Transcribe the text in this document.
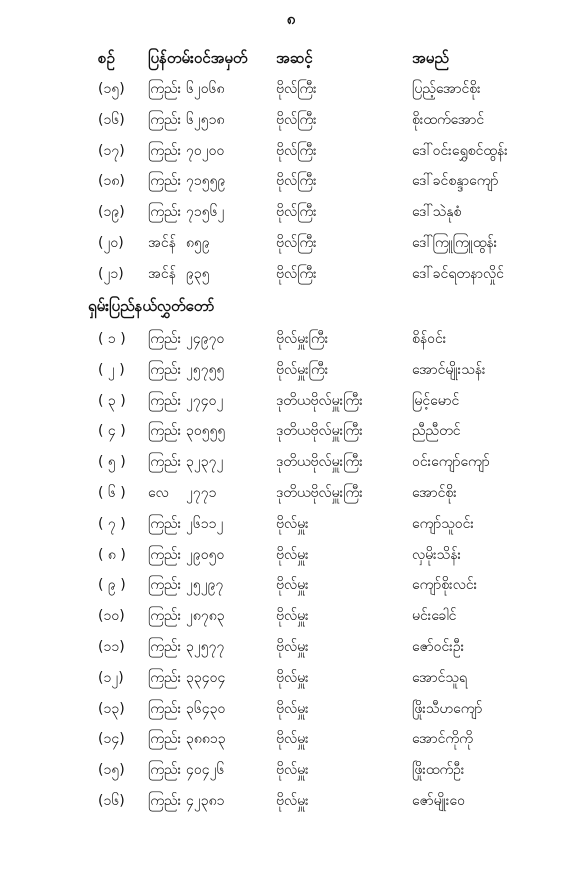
၈
စဉ် ပြန်တမ်းဝင်အမှတ် အဆင့်	အမည်
(၁၅) ကြည်း ၆၂၀၆၈	ဗိုလ်ကြီး	ပြည့်အောင်စိုး
(၁၆) ကြည်း ၆၂၅၁၈	ဗိုလ်ကြီး	စိုးထက်အောင်
(၁၇) ကြည်း ၇၀၂၀၀	ဗိုလ်ကြီး	ဒေါ်ဝင်းရွှေစင်ထွန်း
(၁၈) ကြည်း ၇၁၅၅၉	ဗိုလ်ကြီး	ဒေါ်ခင်စန္ဒာကျော်
(၁၉) ကြည်း ၇၁၅၆၂	ဗိုလ်ကြီး	ဒေါ်သဲနုစံ
(၂၀) အင်န် ၈၅၉	ဗိုလ်ကြီး	ဒေါ်ကြူကြူထွန်း
(၂၁) အင်န် ၉၃၅	ဗိုလ်ကြီး	ဒေါ်ခင်ရတနာလှိုင်
ရှမ်းပြည်နယ်လွှတ်တော်
( ၁ ) ကြည်း ၂၄၉၇၀	ဗိုလ်မှူးကြီး	စိန်ဝင်း
( ၂ ) ကြည်း ၂၅၇၅၅	ဗိုလ်မှူးကြီး	အောင်မျိုးသန်း
( ၃ ) ကြည်း ၂၇၄၀၂	ဒုတိယဗိုလ်မှူးကြီး	မြင့်မောင်
( ၄ ) ကြည်း ၃၀၅၅၅	ဒုတိယဗိုလ်မှူးကြီး	ညီညီတင်
( ၅ ) ကြည်း ၃၂၃၇၂	ဒုတိယဗိုလ်မှူးကြီး	ဝင်းကျော်ကျော်
( ၆ ) လေ ၂၇၇၁	ဒုတိယဗိုလ်မှူးကြီး	အောင်စိုး
( ၇ ) ကြည်း ၂၆၁၁၂	ဗိုလ်မှူး	ကျော်သူဝင်း
( ၈ ) ကြည်း ၂၉၀၅၀	ဗိုလ်မှူး	လှမိုးသိန်း
( ၉ ) ကြည်း ၂၅၂၉၇	ဗိုလ်မှူး	ကျော်စိုးလင်း
(၁၀) ကြည်း ၂၈၇၈၃	ဗိုလ်မှူး	မင်းခေါင်
(၁၁) ကြည်း ၃၂၅၇၇	ဗိုလ်မှူး	ဇော်ဝင်းဦး
(၁၂) ကြည်း ၃၃၄၀၄	ဗိုလ်မှူး	အောင်သူရ
(၁၃) ကြည်း ၃၆၄၃၀	ဗိုလ်မှူး	ဖြိုးသီဟကျော်
(၁၄) ကြည်း ၃၈၈၁၃	ဗိုလ်မှူး	အောင်ကိုကို
(၁၅) ကြည်း ၄၀၄၂၆	ဗိုလ်မှူး	ဖြိုးထက်ဦး
(၁၆) ကြည်း ၄၂၃၈၁	ဗိုလ်မှူး	ဇော်မျိုးဝေ
